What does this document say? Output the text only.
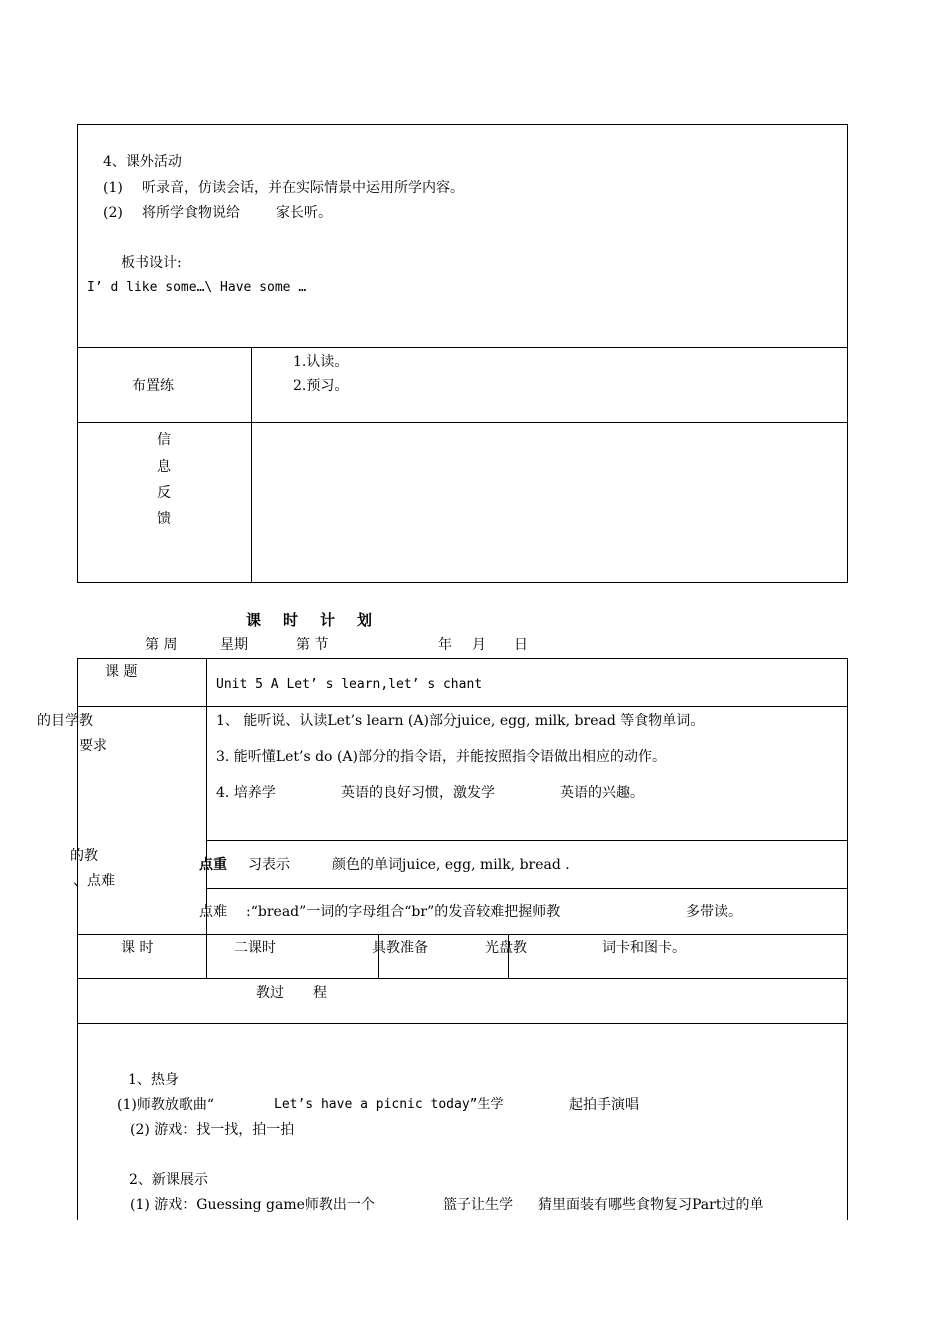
4、课外活动
(1) 听录音，仿读会话，并在实际情景中运用所学内容。
(2) 将所学食物说给	家长听。
板书设计:
I’ d like some…\ Have some …
布置练
1.认读。
2.预习。
信
息
反
馈
课时计划
第 周	星期	第 节	年 月 日
课 题
Unit 5 A Let’ s learn,let’ s chant
的目学教
要求
1、 能听说、认读Let’s learn (A)部分juice, egg, milk, bread 等食物单词。
3. 能听懂Let’s do (A)部分的指令语，并能按照指令语做出相应的动作。
4. 培养学	英语的良好习惯，激发学	英语的兴趣。
的教
、点难
点重 习表示	颜色的单词juice, egg, milk, bread .
点难 :“bread”一词的字母组合“br”的发音较难把握师教	多带读。
课 时	二课时	具教准备	光盘教	词卡和图卡。
教过 程
1、热身
(1)师教放歌曲“	Let’s have a picnic today”生学	起拍手演唱
(2) 游戏：找一找，拍一拍
2、新课展示
(1) 游戏：Guessing game师教出一个	篮子让生学 猜里面装有哪些食物复习Part过的单
